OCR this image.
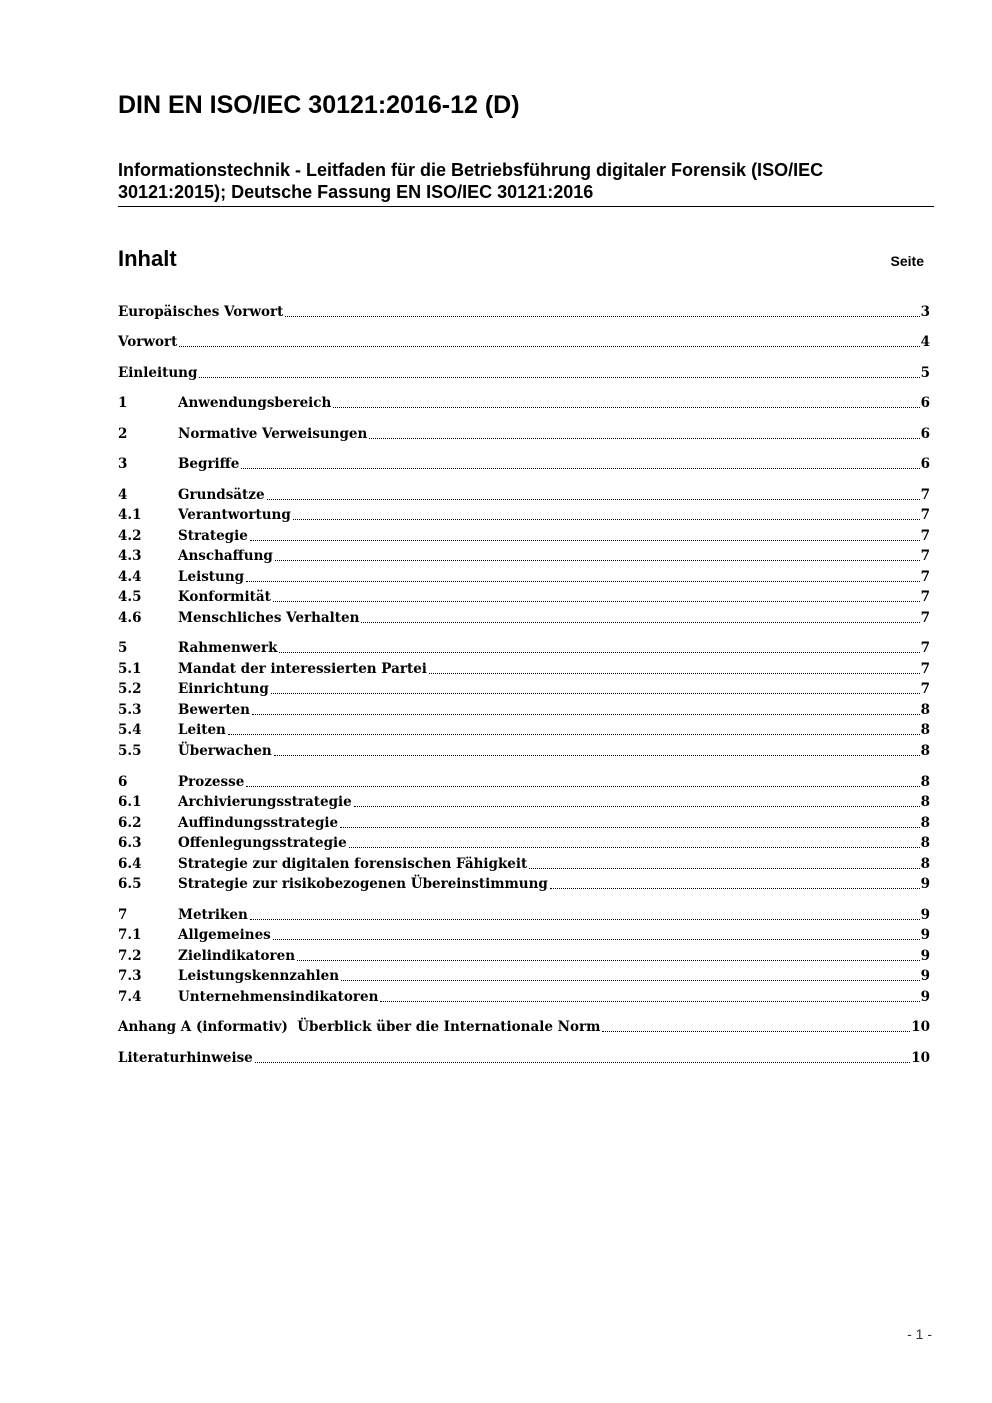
DIN EN ISO/IEC 30121:2016-12 (D)

Informationstechnik - Leitfaden für die Betriebsführung digitaler Forensik (ISO/IEC 30121:2015); Deutsche Fassung EN ISO/IEC 30121:2016

Inhalt	Seite
Europäisches Vorwort	3
Vorwort	4
Einleitung	5
1	Anwendungsbereich	6
2	Normative Verweisungen	6
3	Begriffe	6
4	Grundsätze	7
4.1	Verantwortung	7
4.2	Strategie	7
4.3	Anschaffung	7
4.4	Leistung	7
4.5	Konformität	7
4.6	Menschliches Verhalten	7
5	Rahmenwerk	7
5.1	Mandat der interessierten Partei	7
5.2	Einrichtung	7
5.3	Bewerten	8
5.4	Leiten	8
5.5	Überwachen	8
6	Prozesse	8
6.1	Archivierungsstrategie	8
6.2	Auffindungsstrategie	8
6.3	Offenlegungsstrategie	8
6.4	Strategie zur digitalen forensischen Fähigkeit	8
6.5	Strategie zur risikobezogenen Übereinstimmung	9
7	Metriken	9
7.1	Allgemeines	9
7.2	Zielindikatoren	9
7.3	Leistungskennzahlen	9
7.4	Unternehmensindikatoren	9
Anhang A (informativ)  Überblick über die Internationale Norm	10
Literaturhinweise	10
- 1 -
